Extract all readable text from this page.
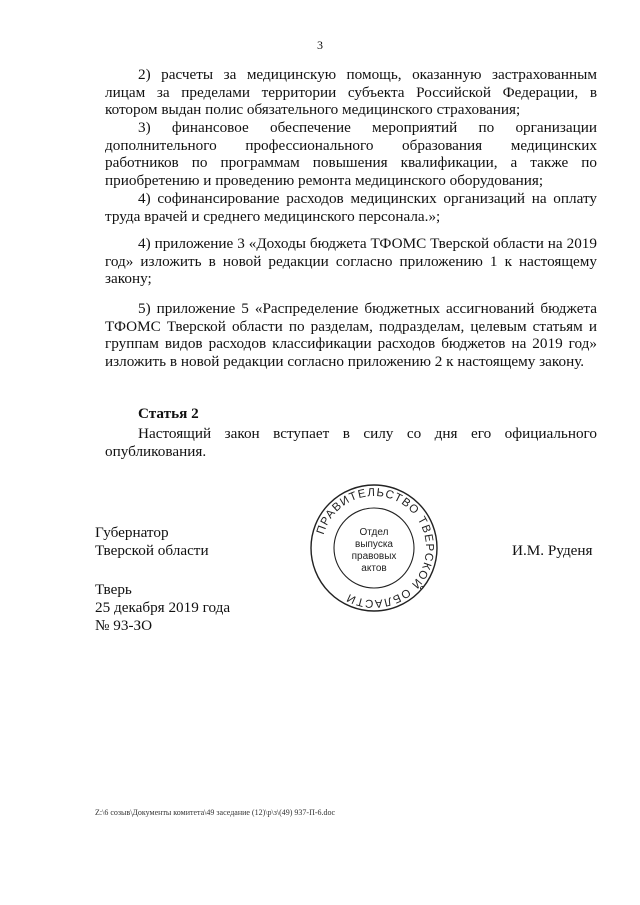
3

2) расчеты за медицинскую помощь, оказанную застрахованным лицам за пределами территории субъекта Российской Федерации, в котором выдан полис обязательного медицинского страхования;

3) финансовое обеспечение мероприятий по организации дополнительного профессионального образования медицинских работников по программам повышения квалификации, а также по приобретению и проведению ремонта медицинского оборудования;

4) софинансирование расходов медицинских организаций на оплату труда врачей и среднего медицинского персонала.»;

4) приложение 3 «Доходы бюджета ТФОМС Тверской области на 2019 год» изложить в новой редакции согласно приложению 1 к настоящему закону;

5) приложение 5 «Распределение бюджетных ассигнований бюджета ТФОМС Тверской области по разделам, подразделам, целевым статьям и группам видов расходов классификации расходов бюджетов на 2019 год» изложить в новой редакции согласно приложению 2 к настоящему закону.

Статья 2

Настоящий закон вступает в силу со дня его официального опубликования.

Губернатор

Тверской области	И.М. Руденя

Тверь

25 декабря 2019 года

№ 93-ЗО

ПРАВИТЕЛЬСТВО ТВЕРСКОЙ ОБЛАСТИ
Отдел
выпуска
правовых
актов

Z:\6 созыв\Документы комитета\49 заседание (12)\р\з\(49) 937-П-6.doc
